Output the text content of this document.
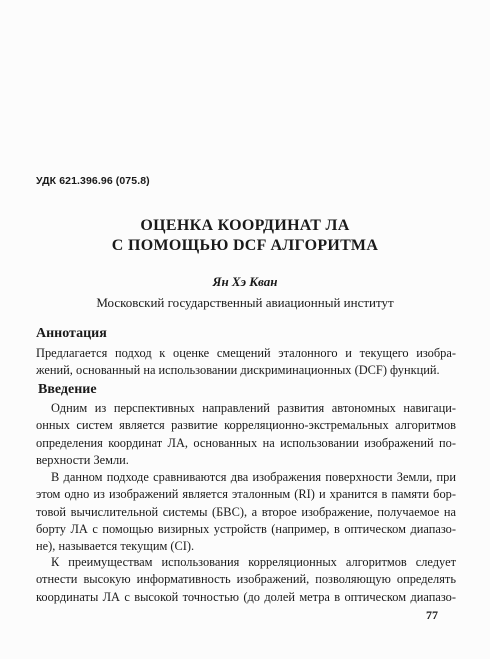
УДК 621.396.96 (075.8)
ОЦЕНКА КООРДИНАТ ЛА
С ПОМОЩЬЮ DCF АЛГОРИТМА
Ян Хэ Кван
Московский государственный авиационный институт
Аннотация
Предлагается подход к оценке смещений эталонного и текущего изобра-
жений, основанный на использовании дискриминационных (DCF) функций.
Введение
Одним из перспективных направлений развития автономных навигаци-
онных систем является развитие корреляционно-экстремальных алгоритмов
определения координат ЛА, основанных на использовании изображений по-
верхности Земли.
В данном подходе сравниваются два изображения поверхности Земли, при
этом одно из изображений является эталонным (RI) и хранится в памяти бор-
товой вычислительной системы (БВС), а второе изображение, получаемое на
борту ЛА с помощью визирных устройств (например, в оптическом диапазо-
не), называется текущим (CI).
К преимуществам использования корреляционных алгоритмов следует
отнести высокую информативность изображений, позволяющую определять
координаты ЛА с высокой точностью (до долей метра в оптическом диапазо-
77
